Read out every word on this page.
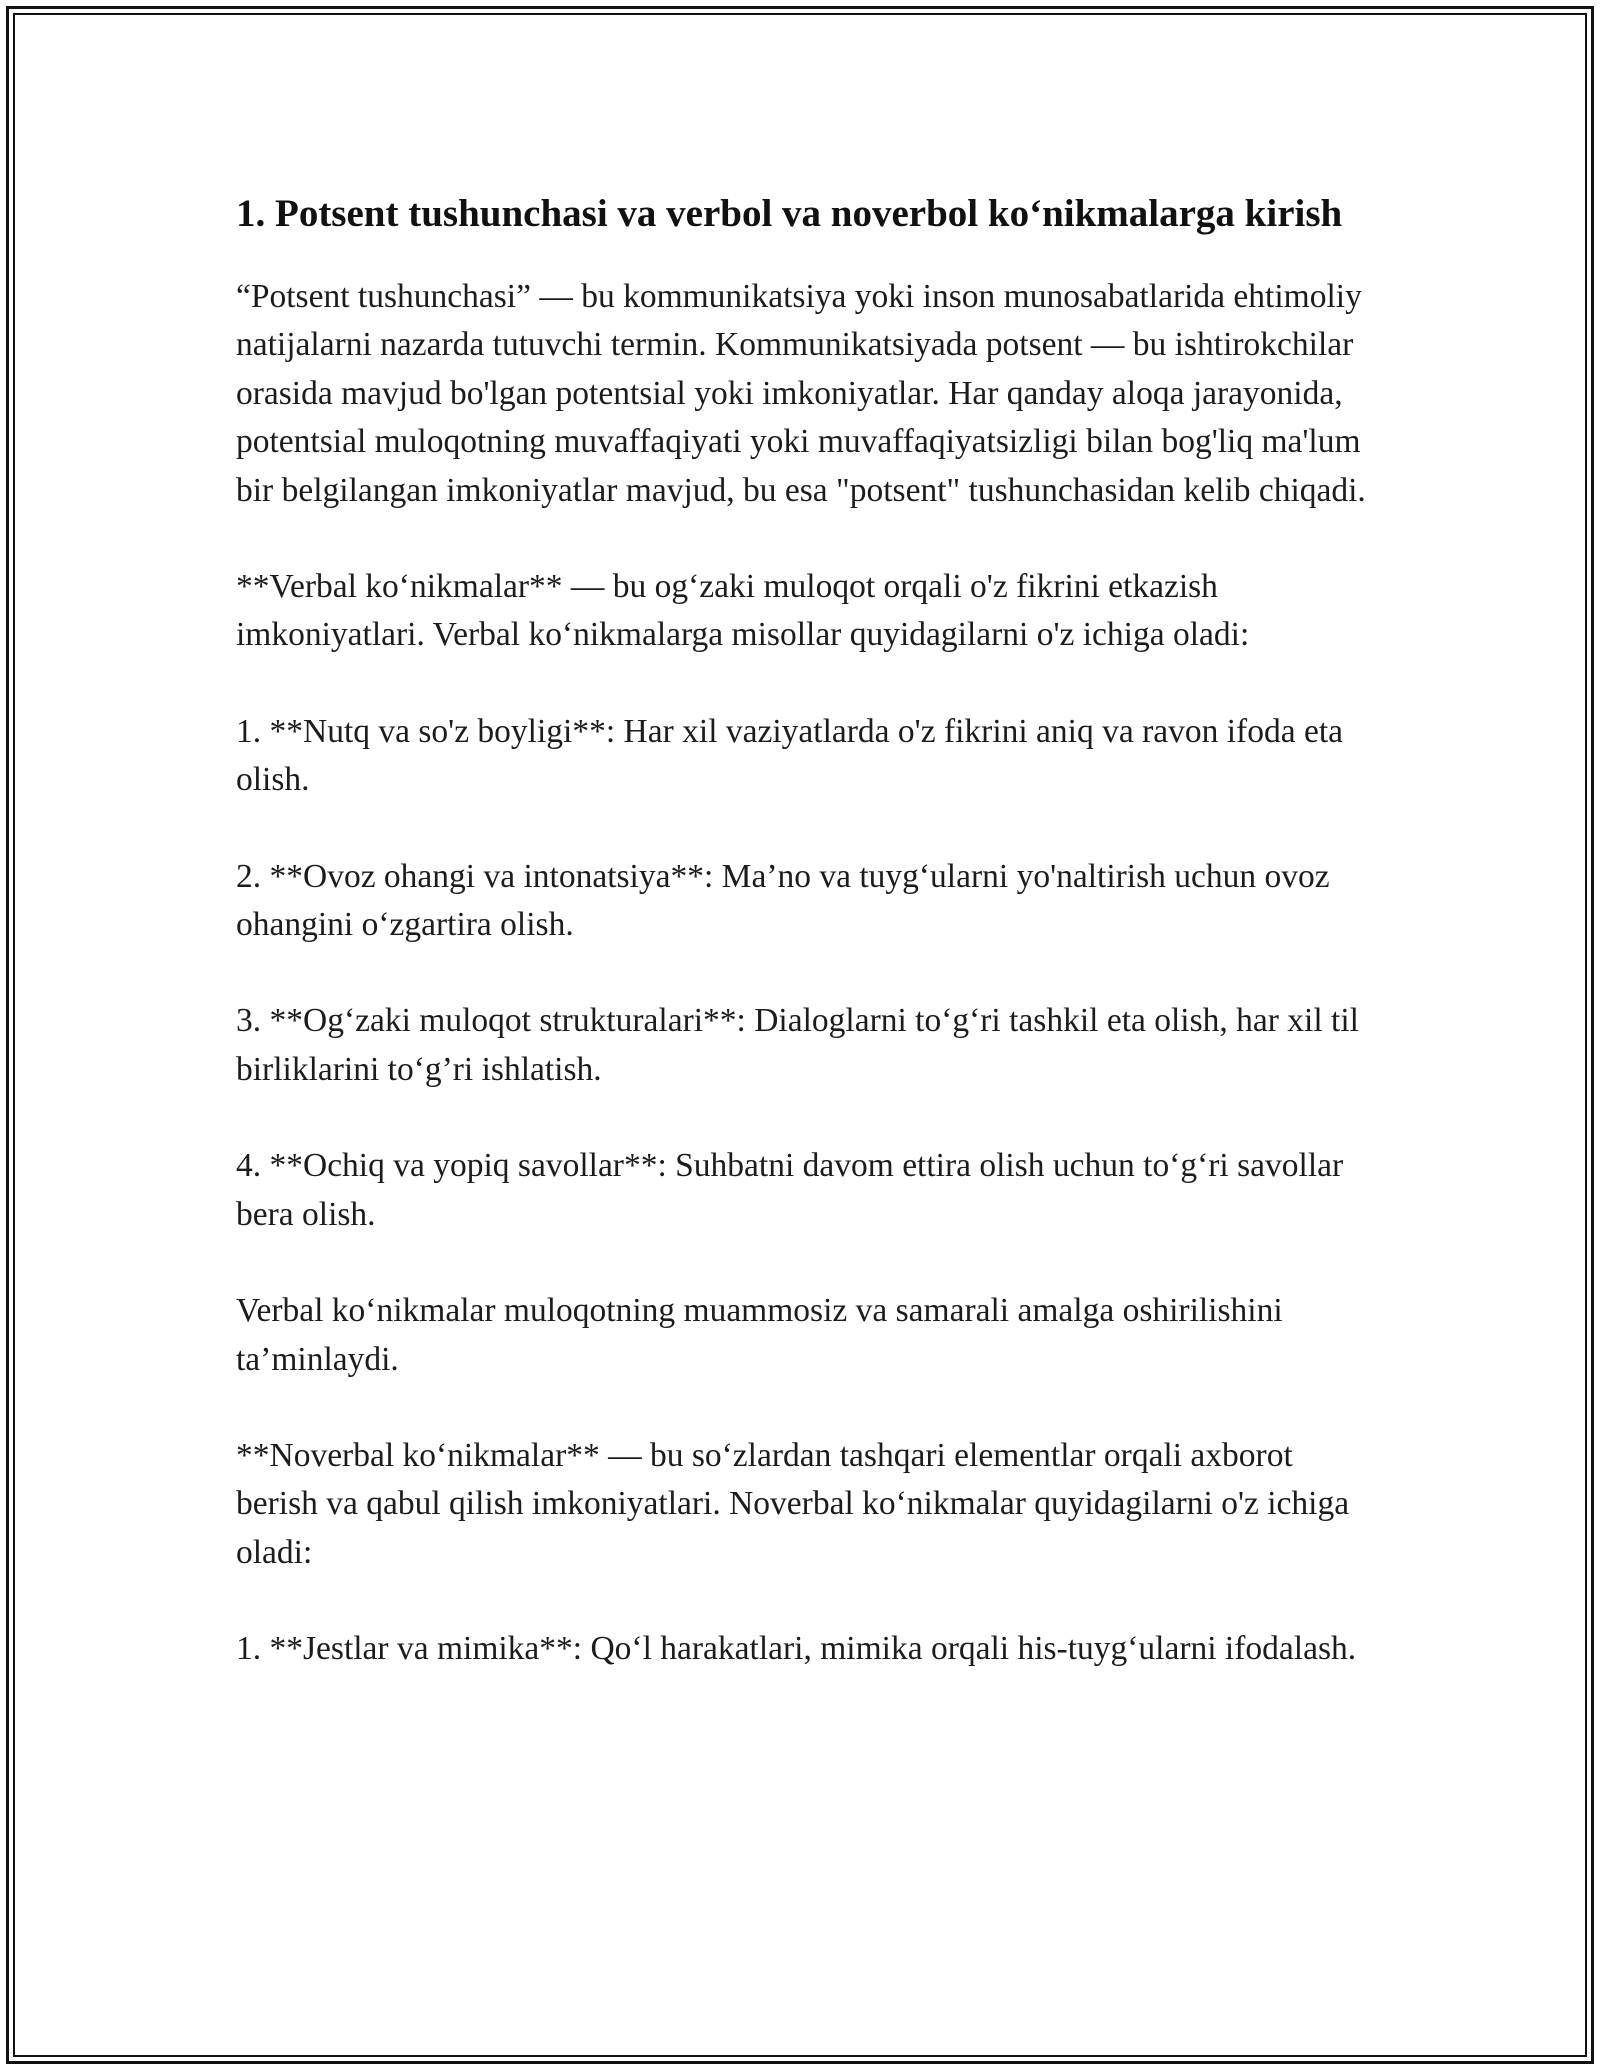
1. Potsent tushunchasi va verbol va noverbol ko‘nikmalarga kirish

“Potsent tushunchasi” — bu kommunikatsiya yoki inson munosabatlarida ehtimoliy natijalarni nazarda tutuvchi termin. Kommunikatsiyada potsent — bu ishtirokchilar orasida mavjud bo'lgan potentsial yoki imkoniyatlar. Har qanday aloqa jarayonida, potentsial muloqotning muvaffaqiyati yoki muvaffaqiyatsizligi bilan bog'liq ma'lum bir belgilangan imkoniyatlar mavjud, bu esa "potsent" tushunchasidan kelib chiqadi.

**Verbal ko‘nikmalar** — bu og‘zaki muloqot orqali o'z fikrini etkazish imkoniyatlari. Verbal ko‘nikmalarga misollar quyidagilarni o'z ichiga oladi:

1. **Nutq va so'z boyligi**: Har xil vaziyatlarda o'z fikrini aniq va ravon ifoda eta olish.

2. **Ovoz ohangi va intonatsiya**: Ma’no va tuyg‘ularni yo'naltirish uchun ovoz ohangini o‘zgartira olish.

3. **Og‘zaki muloqot strukturalari**: Dialoglarni to‘g‘ri tashkil eta olish, har xil til birliklarini to‘g’ri ishlatish.

4. **Ochiq va yopiq savollar**: Suhbatni davom ettira olish uchun to‘g‘ri savollar bera olish.

Verbal ko‘nikmalar muloqotning muammosiz va samarali amalga oshirilishini ta’minlaydi.

**Noverbal ko‘nikmalar** — bu so‘zlardan tashqari elementlar orqali axborot berish va qabul qilish imkoniyatlari. Noverbal ko‘nikmalar quyidagilarni o'z ichiga oladi:

1. **Jestlar va mimika**: Qo‘l harakatlari, mimika orqali his-tuyg‘ularni ifodalash.
